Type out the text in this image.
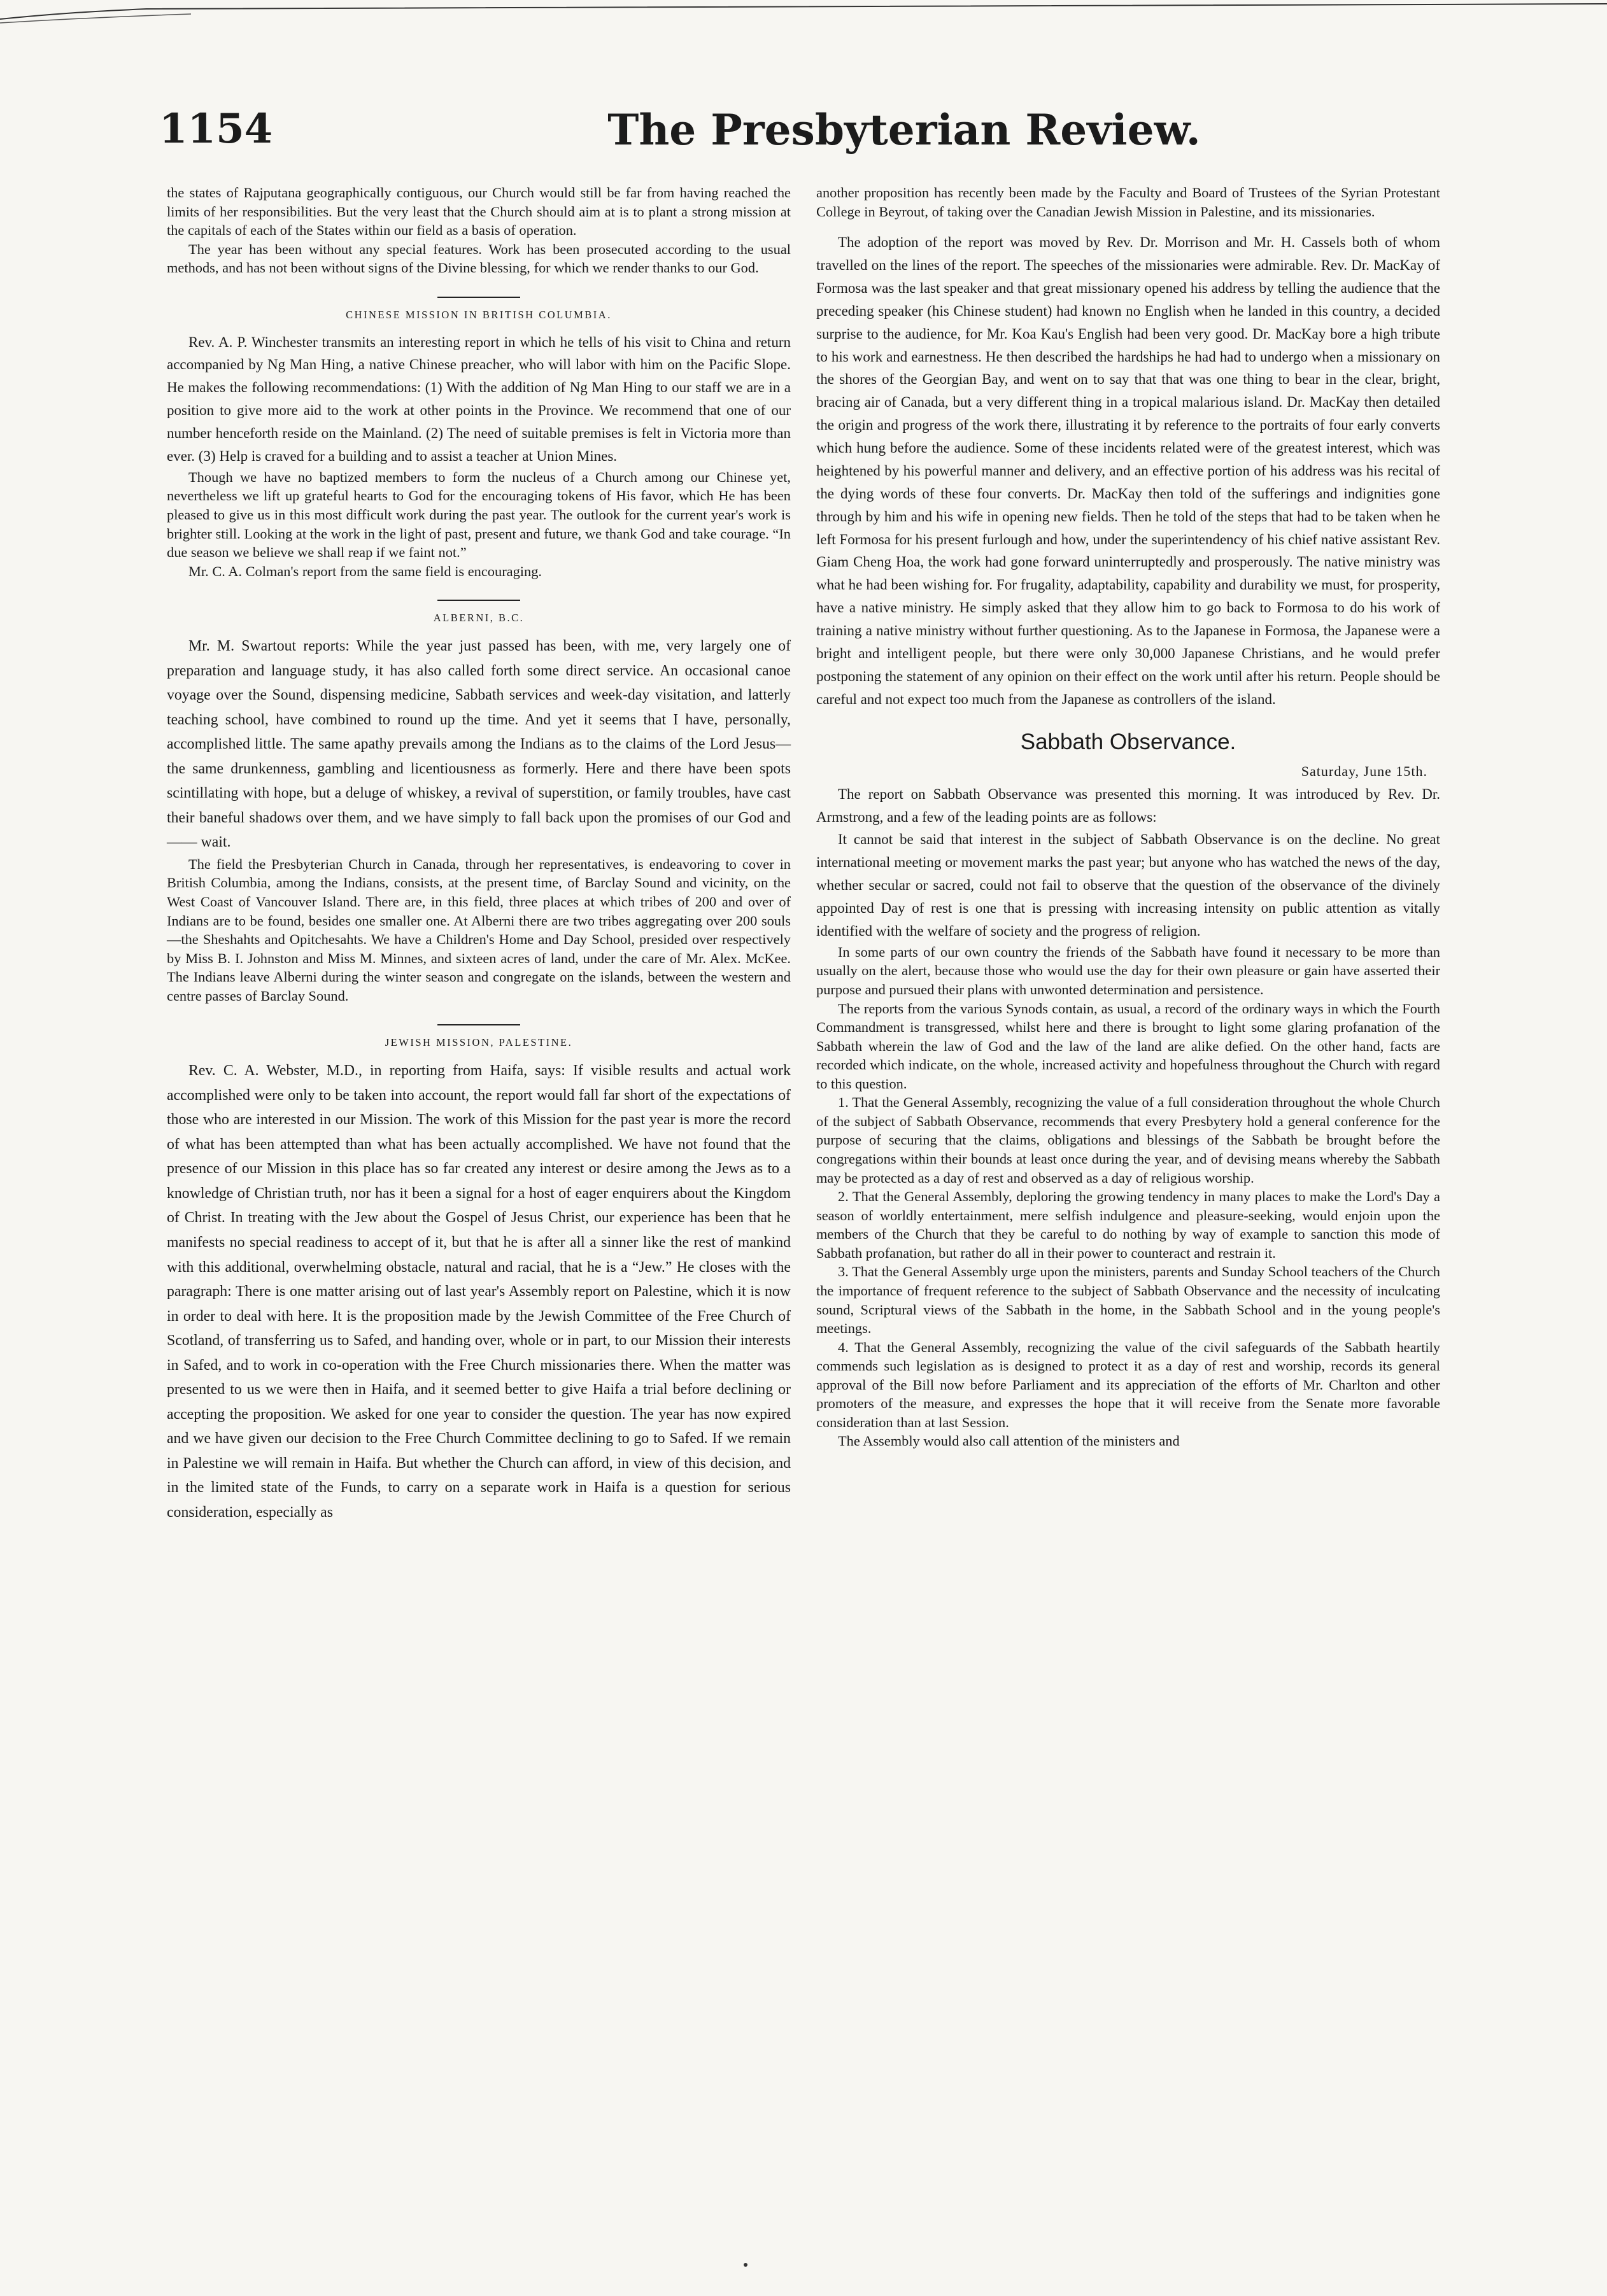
1154	The Presbyterian Review.

the states of Rajputana geographically contiguous, our Church would still be far from having reached the limits of her responsibilities. But the very least that the Church should aim at is to plant a strong mission at the capitals of each of the States within our field as a basis of operation.

The year has been without any special features. Work has been prosecuted according to the usual methods, and has not been without signs of the Divine blessing, for which we render thanks to our God.

CHINESE MISSION IN BRITISH COLUMBIA.

Rev. A. P. Winchester transmits an interesting report in which he tells of his visit to China and return accompanied by Ng Man Hing, a native Chinese preacher, who will labor with him on the Pacific Slope. He makes the following recommendations: (1) With the addition of Ng Man Hing to our staff we are in a position to give more aid to the work at other points in the Province. We recommend that one of our number henceforth reside on the Mainland. (2) The need of suitable premises is felt in Victoria more than ever. (3) Help is craved for a building and to assist a teacher at Union Mines.

Though we have no baptized members to form the nucleus of a Church among our Chinese yet, nevertheless we lift up grateful hearts to God for the encouraging tokens of His favor, which He has been pleased to give us in this most difficult work during the past year. The outlook for the current year's work is brighter still. Looking at the work in the light of past, present and future, we thank God and take courage. “In due season we believe we shall reap if we faint not.”

Mr. C. A. Colman's report from the same field is encouraging.

ALBERNI, B.C.

Mr. M. Swartout reports: While the year just passed has been, with me, very largely one of preparation and language study, it has also called forth some direct service. An occasional canoe voyage over the Sound, dispensing medicine, Sabbath services and week-day visitation, and latterly teaching school, have combined to round up the time. And yet it seems that I have, personally, accomplished little. The same apathy prevails among the Indians as to the claims of the Lord Jesus—the same drunkenness, gambling and licentiousness as formerly. Here and there have been spots scintillating with hope, but a deluge of whiskey, a revival of superstition, or family troubles, have cast their baneful shadows over them, and we have simply to fall back upon the promises of our God and —— wait.

The field the Presbyterian Church in Canada, through her representatives, is endeavoring to cover in British Columbia, among the Indians, consists, at the present time, of Barclay Sound and vicinity, on the West Coast of Vancouver Island. There are, in this field, three places at which tribes of 200 and over of Indians are to be found, besides one smaller one. At Alberni there are two tribes aggregating over 200 souls—the Sheshahts and Opitchesahts. We have a Children's Home and Day School, presided over respectively by Miss B. I. Johnston and Miss M. Minnes, and sixteen acres of land, under the care of Mr. Alex. McKee. The Indians leave Alberni during the winter season and congregate on the islands, between the western and centre passes of Barclay Sound.

JEWISH MISSION, PALESTINE.

Rev. C. A. Webster, M.D., in reporting from Haifa, says: If visible results and actual work accomplished were only to be taken into account, the report would fall far short of the expectations of those who are interested in our Mission. The work of this Mission for the past year is more the record of what has been attempted than what has been actually accomplished. We have not found that the presence of our Mission in this place has so far created any interest or desire among the Jews as to a knowledge of Christian truth, nor has it been a signal for a host of eager enquirers about the Kingdom of Christ. In treating with the Jew about the Gospel of Jesus Christ, our experience has been that he manifests no special readiness to accept of it, but that he is after all a sinner like the rest of mankind with this additional, overwhelming obstacle, natural and racial, that he is a “Jew.” He closes with the paragraph: There is one matter arising out of last year's Assembly report on Palestine, which it is now in order to deal with here. It is the proposition made by the Jewish Committee of the Free Church of Scotland, of transferring us to Safed, and handing over, whole or in part, to our Mission their interests in Safed, and to work in co-operation with the Free Church missionaries there. When the matter was presented to us we were then in Haifa, and it seemed better to give Haifa a trial before declining or accepting the proposition. We asked for one year to consider the question. The year has now expired and we have given our decision to the Free Church Committee declining to go to Safed. If we remain in Palestine we will remain in Haifa. But whether the Church can afford, in view of this decision, and in the limited state of the Funds, to carry on a separate work in Haifa is a question for serious consideration, especially as

another proposition has recently been made by the Faculty and Board of Trustees of the Syrian Protestant College in Beyrout, of taking over the Canadian Jewish Mission in Palestine, and its missionaries.

The adoption of the report was moved by Rev. Dr. Morrison and Mr. H. Cassels both of whom travelled on the lines of the report. The speeches of the missionaries were admirable. Rev. Dr. MacKay of Formosa was the last speaker and that great missionary opened his address by telling the audience that the preceding speaker (his Chinese student) had known no English when he landed in this country, a decided surprise to the audience, for Mr. Koa Kau's English had been very good. Dr. MacKay bore a high tribute to his work and earnestness. He then described the hardships he had had to undergo when a missionary on the shores of the Georgian Bay, and went on to say that that was one thing to bear in the clear, bright, bracing air of Canada, but a very different thing in a tropical malarious island. Dr. MacKay then detailed the origin and progress of the work there, illustrating it by reference to the portraits of four early converts which hung before the audience. Some of these incidents related were of the greatest interest, which was heightened by his powerful manner and delivery, and an effective portion of his address was his recital of the dying words of these four converts. Dr. MacKay then told of the sufferings and indignities gone through by him and his wife in opening new fields. Then he told of the steps that had to be taken when he left Formosa for his present furlough and how, under the superintendency of his chief native assistant Rev. Giam Cheng Hoa, the work had gone forward uninterruptedly and prosperously. The native ministry was what he had been wishing for. For frugality, adaptability, capability and durability we must, for prosperity, have a native ministry. He simply asked that they allow him to go back to Formosa to do his work of training a native ministry without further questioning. As to the Japanese in Formosa, the Japanese were a bright and intelligent people, but there were only 30,000 Japanese Christians, and he would prefer postponing the statement of any opinion on their effect on the work until after his return. People should be careful and not expect too much from the Japanese as controllers of the island.

Sabbath Observance.
Saturday, June 15th.

The report on Sabbath Observance was presented this morning. It was introduced by Rev. Dr. Armstrong, and a few of the leading points are as follows:

It cannot be said that interest in the subject of Sabbath Observance is on the decline. No great international meeting or movement marks the past year; but anyone who has watched the news of the day, whether secular or sacred, could not fail to observe that the question of the observance of the divinely appointed Day of rest is one that is pressing with increasing intensity on public attention as vitally identified with the welfare of society and the progress of religion.

In some parts of our own country the friends of the Sabbath have found it necessary to be more than usually on the alert, because those who would use the day for their own pleasure or gain have asserted their purpose and pursued their plans with unwonted determination and persistence.

The reports from the various Synods contain, as usual, a record of the ordinary ways in which the Fourth Commandment is transgressed, whilst here and there is brought to light some glaring profanation of the Sabbath wherein the law of God and the law of the land are alike defied. On the other hand, facts are recorded which indicate, on the whole, increased activity and hopefulness throughout the Church with regard to this question.

1. That the General Assembly, recognizing the value of a full consideration throughout the whole Church of the subject of Sabbath Observance, recommends that every Presbytery hold a general conference for the purpose of securing that the claims, obligations and blessings of the Sabbath be brought before the congregations within their bounds at least once during the year, and of devising means whereby the Sabbath may be protected as a day of rest and observed as a day of religious worship.

2. That the General Assembly, deploring the growing tendency in many places to make the Lord's Day a season of worldly entertainment, mere selfish indulgence and pleasure-seeking, would enjoin upon the members of the Church that they be careful to do nothing by way of example to sanction this mode of Sabbath profanation, but rather do all in their power to counteract and restrain it.

3. That the General Assembly urge upon the ministers, parents and Sunday School teachers of the Church the importance of frequent reference to the subject of Sabbath Observance and the necessity of inculcating sound, Scriptural views of the Sabbath in the home, in the Sabbath School and in the young people's meetings.

4. That the General Assembly, recognizing the value of the civil safeguards of the Sabbath heartily commends such legislation as is designed to protect it as a day of rest and worship, records its general approval of the Bill now before Parliament and its appreciation of the efforts of Mr. Charlton and other promoters of the measure, and expresses the hope that it will receive from the Senate more favorable consideration than at last Session.

The Assembly would also call attention of the ministers and
